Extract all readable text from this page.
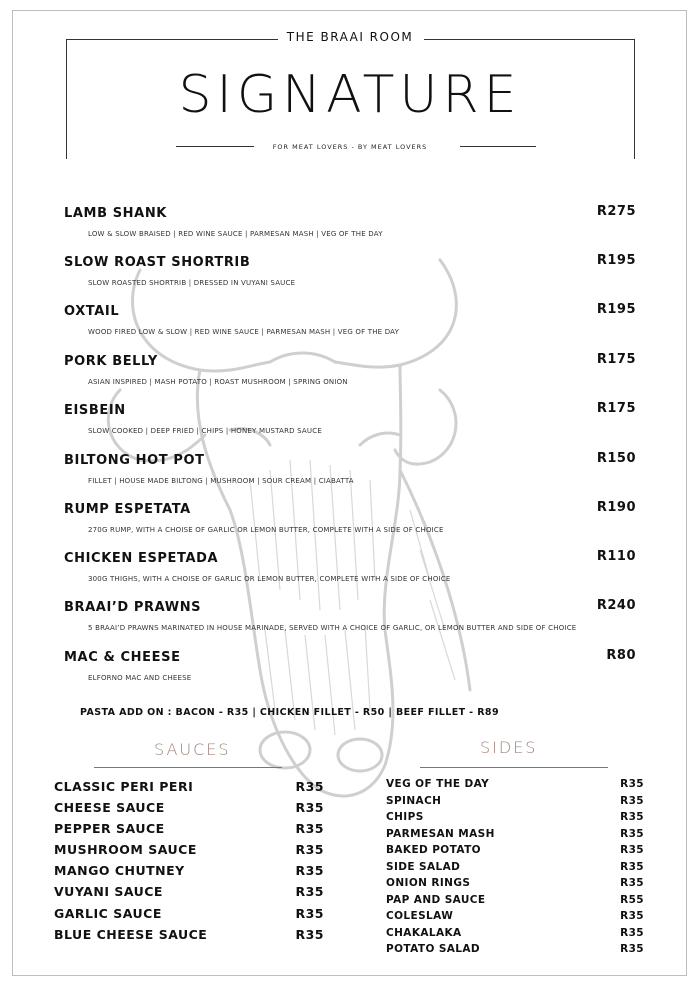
THE BRAAI ROOM
SIGNATURE
FOR MEAT LOVERS - BY MEAT LOVERS
LAMB SHANK	R275
LOW & SLOW BRAISED | RED WINE SAUCE | PARMESAN MASH | VEG OF THE DAY
SLOW ROAST SHORTRIB	R195
SLOW ROASTED SHORTRIB | DRESSED IN VUYANI SAUCE
OXTAIL	R195
WOOD FIRED LOW & SLOW | RED WINE SAUCE | PARMESAN MASH | VEG OF THE DAY
PORK BELLY	R175
ASIAN INSPIRED | MASH POTATO | ROAST MUSHROOM | SPRING ONION
EISBEIN	R175
SLOW COOKED | DEEP FRIED | CHIPS | HONEY MUSTARD SAUCE
BILTONG HOT POT	R150
FILLET | HOUSE MADE BILTONG | MUSHROOM | SOUR CREAM | CIABATTA
RUMP ESPETATA	R190
270G RUMP, WITH A CHOISE OF GARLIC OR LEMON BUTTER, COMPLETE WITH A SIDE OF CHOICE
CHICKEN ESPETADA	R110
300G THIGHS, WITH A CHOISE OF GARLIC OR LEMON BUTTER, COMPLETE WITH A SIDE OF CHOICE
BRAAI’D PRAWNS	R240
5 BRAAI’D PRAWNS MARINATED IN HOUSE MARINADE, SERVED WITH A CHOICE OF GARLIC, OR LEMON BUTTER AND SIDE OF CHOICE
MAC & CHEESE	R80
ELFORNO MAC AND CHEESE
PASTA ADD ON : BACON - R35 | CHICKEN FILLET - R50 | BEEF FILLET - R89
SAUCES
CLASSIC PERI PERI	R35
CHEESE SAUCE	R35
PEPPER SAUCE	R35
MUSHROOM SAUCE	R35
MANGO CHUTNEY	R35
VUYANI SAUCE	R35
GARLIC SAUCE	R35
BLUE CHEESE SAUCE	R35
SIDES
VEG OF THE DAY	R35
SPINACH	R35
CHIPS	R35
PARMESAN MASH	R35
BAKED POTATO	R35
SIDE SALAD	R35
ONION RINGS	R35
PAP AND SAUCE	R55
COLESLAW	R35
CHAKALAKA	R35
POTATO SALAD	R35
